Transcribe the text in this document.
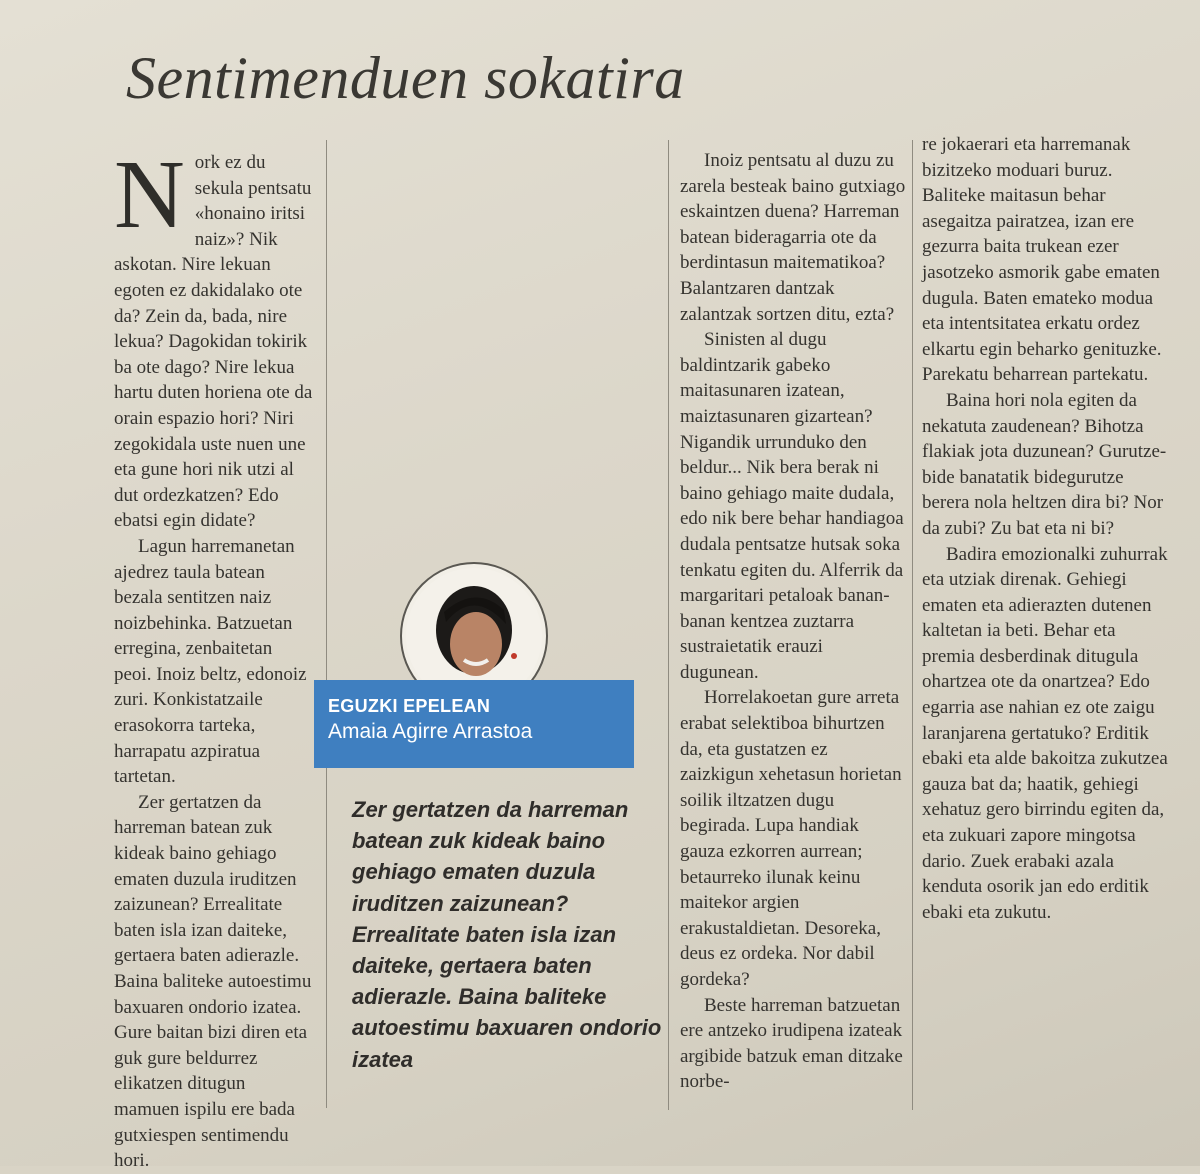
Sentimenduen sokatira
N ork ez du sekula pentsatu «honaino iritsi naiz»? Nik askotan. Nire lekuan egoten ez dakidalako ote da? Zein da, bada, nire lekua? Dagokidan tokirik ba ote dago? Nire lekua hartu duten horiena ote da orain espazio hori? Niri zegokidala uste nuen une eta gune hori nik utzi al dut ordezkatzen? Edo ebatsi egin didate?

Lagun harremanetan ajedrez taula batean bezala sentitzen naiz noizbehinka. Batzuetan erregina, zenbaitetan peoi. Inoiz beltz, edonoiz zuri. Konkistatzaile erasokorra tarteka, harrapatu azpiratua tartetan.

Zer gertatzen da harreman batean zuk kideak baino gehiago ematen duzula iruditzen zaizunean? Errealitate baten isla izan daiteke, gertaera baten adierazle. Baina baliteke autoestimu baxuaren ondorio izatea. Gure baitan bizi diren eta guk gure beldurrez elikatzen ditugun mamuen ispilu ere bada gutxiespen sentimendu hori.

EGUZKI EPELEAN
Amaia Agirre Arrastoa
Zer gertatzen da harreman batean zuk kideak baino gehiago ematen duzula iruditzen zaizunean? Errealitate baten isla izan daiteke, gertaera baten adierazle. Baina baliteke autoestimu baxuaren ondorio izatea

Inoiz pentsatu al duzu zu zarela besteak baino gutxiago eskaintzen duena? Harreman batean bideragarria ote da berdintasun maitematikoa? Balantzaren dantzak zalantzak sortzen ditu, ezta?

Sinisten al dugu baldintzarik gabeko maitasunaren izatean, maiztasunaren gizartean? Nigandik urrunduko den beldur... Nik bera berak ni baino gehiago maite dudala, edo nik bere behar handiagoa dudala pentsatze hutsak soka tenkatu egiten du. Alferrik da margaritari petaloak banan-banan kentzea zuztarra sustraietatik erauzi dugunean.

Horrelakoetan gure arreta erabat selektiboa bihurtzen da, eta gustatzen ez zaizkigun xehetasun horietan soilik iltzatzen dugu begirada. Lupa handiak gauza ezkorren aurrean; betaurreko ilunak keinu maitekor argien erakustaldietan. Desoreka, deus ez ordeka. Nor dabil gordeka?

Beste harreman batzuetan ere antzeko irudipena izateak argibide batzuk eman ditzake norbe-

re jokaerari eta harremanak bizitzeko moduari buruz. Baliteke maitasun behar asegaitza pairatzea, izan ere gezurra baita trukean ezer jasotzeko asmorik gabe ematen dugula. Baten emateko modua eta intentsitatea erkatu ordez elkartu egin beharko genituzke. Parekatu beharrean partekatu.

Baina hori nola egiten da nekatuta zaudenean? Bihotza flakiak jota duzunean? Gurutze-bide banatatik bidegurutze berera nola heltzen dira bi? Nor da zubi? Zu bat eta ni bi?

Badira emozionalki zuhurrak eta utziak direnak. Gehiegi ematen eta adierazten dutenen kaltetan ia beti. Behar eta premia desberdinak ditugula ohartzea ote da onartzea? Edo egarria ase nahian ez ote zaigu laranjarena gertatuko? Erditik ebaki eta alde bakoitza zukutzea gauza bat da; haatik, gehiegi xehatuz gero birrindu egiten da, eta zukuari zapore mingotsa dario. Zuek erabaki azala kenduta osorik jan edo erditik ebaki eta zukutu.
